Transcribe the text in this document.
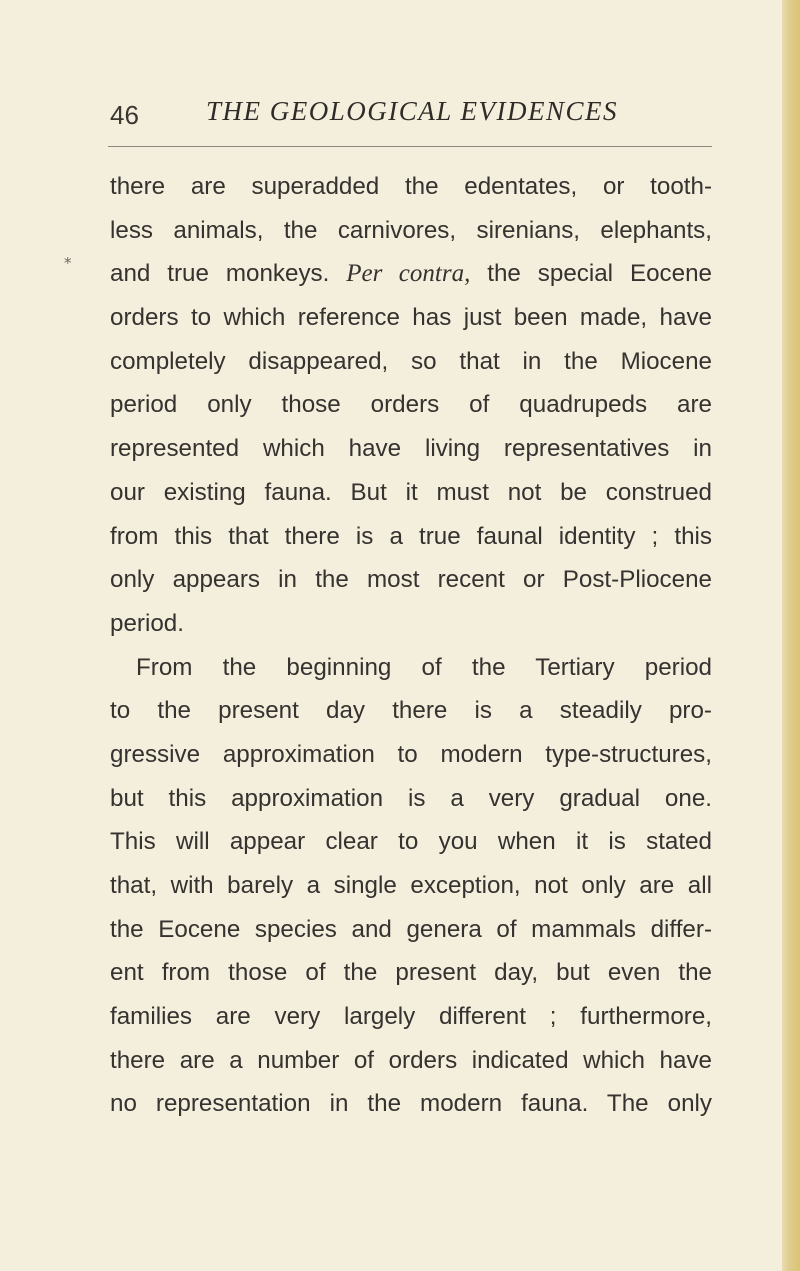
46 THE GEOLOGICAL EVIDENCES
*
there are superadded the edentates, or tooth-
less animals, the carnivores, sirenians, elephants,
and true monkeys. Per contra, the special Eocene
orders to which reference has just been made, have
completely disappeared, so that in the Miocene
period only those orders of quadrupeds are
represented which have living representatives in
our existing fauna. But it must not be construed
from this that there is a true faunal identity ; this
only appears in the most recent or Post-Pliocene
period.
From the beginning of the Tertiary period
to the present day there is a steadily pro-
gressive approximation to modern type-structures,
but this approximation is a very gradual one.
This will appear clear to you when it is stated
that, with barely a single exception, not only are all
the Eocene species and genera of mammals differ-
ent from those of the present day, but even the
families are very largely different ; furthermore,
there are a number of orders indicated which have
no representation in the modern fauna. The only
